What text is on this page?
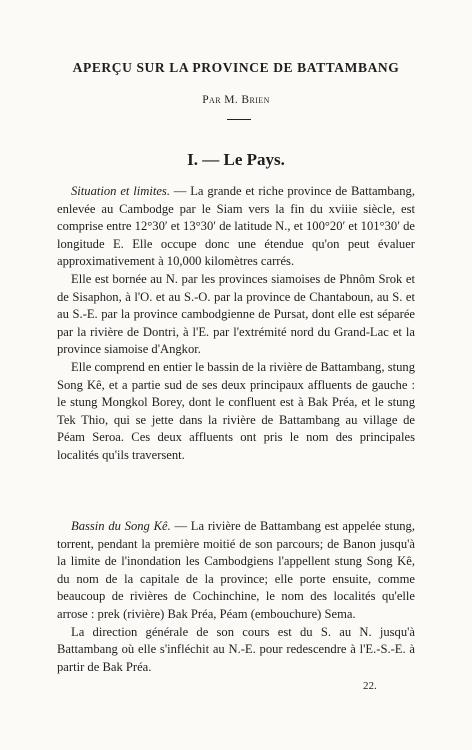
APERÇU SUR LA PROVINCE DE BATTAMBANG
Par M. Brien
I. — Le Pays.

Situation et limites. — La grande et riche province de Battambang, enlevée au Cambodge par le Siam vers la fin du xviiie siècle, est comprise entre 12°30′ et 13°30′ de latitude N., et 100°20′ et 101°30′ de longitude E. Elle occupe donc une étendue qu'on peut évaluer approximativement à 10,000 kilomètres carrés.

Elle est bornée au N. par les provinces siamoises de Phnôm Srok et de Sisaphon, à l'O. et au S.-O. par la province de Chantaboun, au S. et au S.-E. par la province cambodgienne de Pursat, dont elle est séparée par la rivière de Dontri, à l'E. par l'extrémité nord du Grand-Lac et la province siamoise d'Angkor.

Elle comprend en entier le bassin de la rivière de Battambang, stung Song Kê, et a partie sud de ses deux principaux affluents de gauche : le stung Mongkol Borey, dont le confluent est à Bak Préa, et le stung Tek Thio, qui se jette dans la rivière de Battambang au village de Péam Seroa. Ces deux affluents ont pris le nom des principales localités qu'ils traversent.

Bassin du Song Kê. — La rivière de Battambang est appelée stung, torrent, pendant la première moitié de son parcours; de Banon jusqu'à la limite de l'inondation les Cambodgiens l'appellent stung Song Kê, du nom de la capitale de la province; elle porte ensuite, comme beaucoup de rivières de Cochinchine, le nom des localités qu'elle arrose : prek (rivière) Bak Préa, Péam (embouchure) Sema.

La direction générale de son cours est du S. au N. jusqu'à Battambang où elle s'infléchit au N.-E. pour redescendre à l'E.-S.-E. à partir de Bak Préa.

22.
